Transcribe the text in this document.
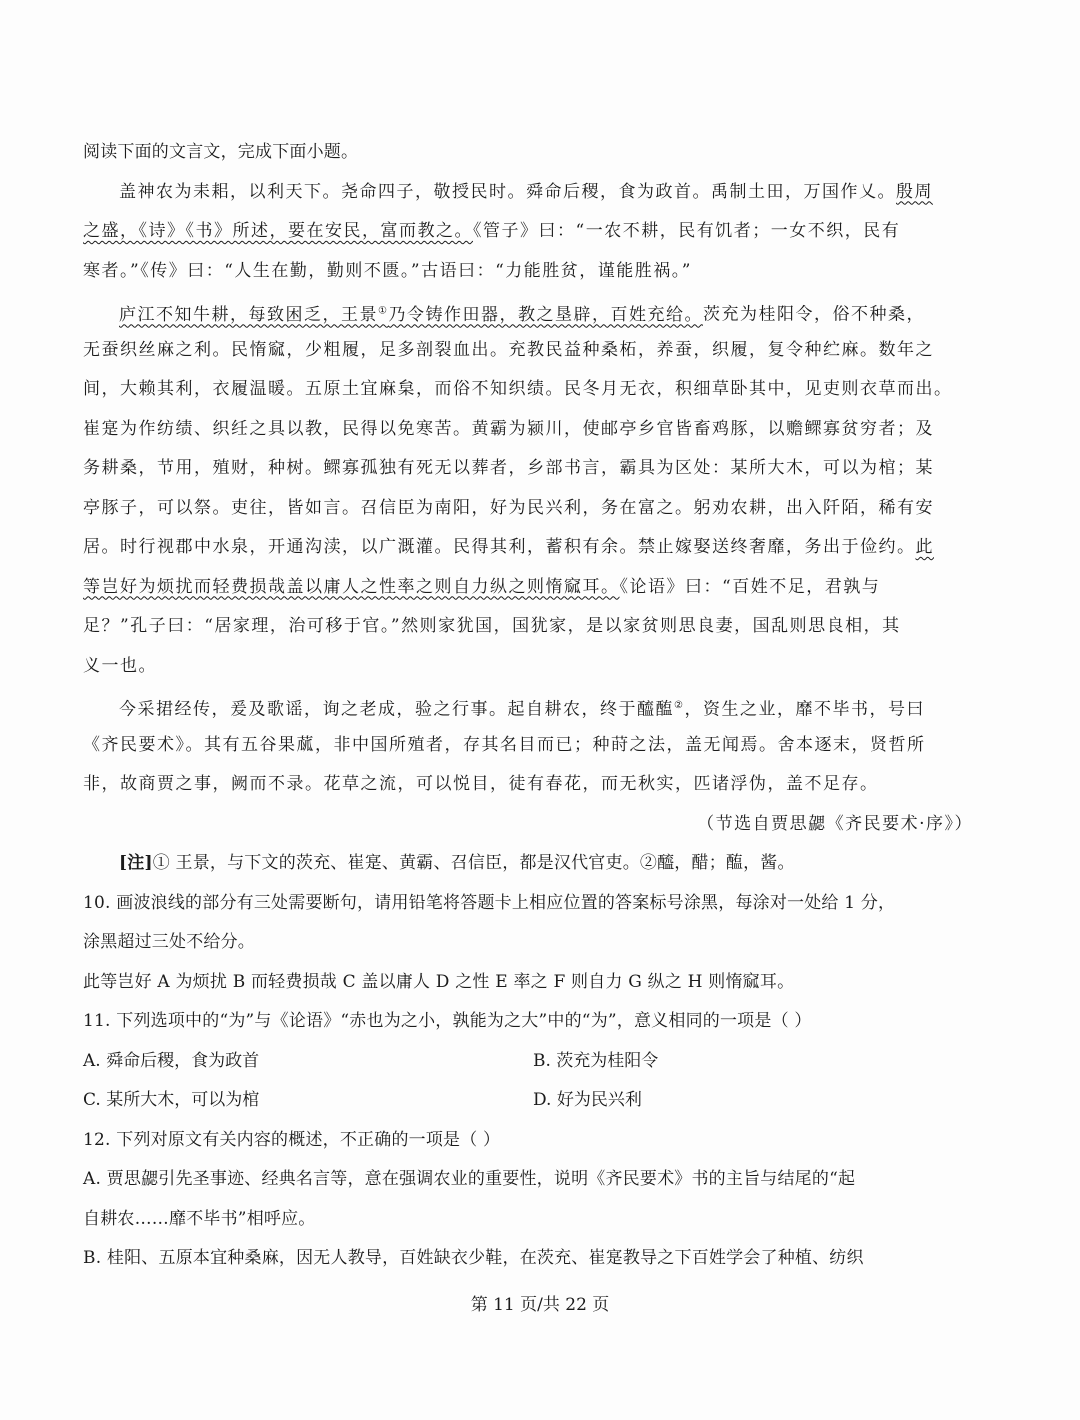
阅读下面的文言文，完成下面小题。
盖神农为耒耜，以利天下。尧命四子，敬授民时。舜命后稷，食为政首。禹制土田，万国作乂。殷周
之盛，《诗》《书》所述，要在安民，富而教之。《管子》曰：“一农不耕，民有饥者；一女不织，民有
寒者。”《传》曰：“人生在勤，勤则不匮。”古语曰：“力能胜贫，谨能胜祸。”
庐江不知牛耕，每致困乏，王景①乃令铸作田器，教之垦辟，百姓充给。茨充为桂阳令，俗不种桑，
无蚕织丝麻之利。民惰窳，少粗履，足多剖裂血出。充教民益种桑柘，养蚕，织履，复令种纻麻。数年之
间，大赖其利，衣履温暖。五原土宜麻枲，而俗不知织绩。民冬月无衣，积细草卧其中，见吏则衣草而出。
崔寔为作纺绩、织纴之具以教，民得以免寒苦。黄霸为颍川，使邮亭乡官皆畜鸡豚，以赡鳏寡贫穷者；及
务耕桑，节用，殖财，种树。鳏寡孤独有死无以葬者，乡部书言，霸具为区处：某所大木，可以为棺；某
亭豚子，可以祭。吏往，皆如言。召信臣为南阳，好为民兴利，务在富之。躬劝农耕，出入阡陌，稀有安
居。时行视郡中水泉，开通沟渎，以广溉灌。民得其利，蓄积有余。禁止嫁娶送终奢靡，务出于俭约。此
等岂好为烦扰而轻费损哉盖以庸人之性率之则自力纵之则惰窳耳。《论语》曰：“百姓不足，君孰与
足？”孔子曰：“居家理，治可移于官。”然则家犹国，国犹家，是以家贫则思良妻，国乱则思良相，其
义一也。
今采捃经传，爰及歌谣，询之老成，验之行事。起自耕农，终于醯醢②，资生之业，靡不毕书，号曰
《齐民要术》。其有五谷果蓏，非中国所殖者，存其名目而已；种莳之法，盖无闻焉。舍本逐末，贤哲所
非，故商贾之事，阙而不录。花草之流，可以悦目，徒有春花，而无秋实，匹诸浮伪，盖不足存。
（节选自贾思勰《齐民要术·序》）
[注]① 王景，与下文的茨充、崔寔、黄霸、召信臣，都是汉代官吏。②醯，醋；醢，酱。
10. 画波浪线的部分有三处需要断句，请用铅笔将答题卡上相应位置的答案标号涂黑，每涂对一处给 1 分，
涂黑超过三处不给分。
此等岂好 A 为烦扰 B 而轻费损哉 C 盖以庸人 D 之性 E 率之 F 则自力 G 纵之 H 则惰窳耳。
11. 下列选项中的“为”与《论语》“赤也为之小，孰能为之大”中的“为”，意义相同的一项是（ ）
A. 舜命后稷，食为政首	B. 茨充为桂阳令
C. 某所大木，可以为棺	D. 好为民兴利
12. 下列对原文有关内容的概述，不正确的一项是（ ）
A. 贾思勰引先圣事迹、经典名言等，意在强调农业的重要性，说明《齐民要术》书的主旨与结尾的“起
自耕农……靡不毕书”相呼应。
B. 桂阳、五原本宜种桑麻，因无人教导，百姓缺衣少鞋，在茨充、崔寔教导之下百姓学会了种植、纺织
第 11 页/共 22 页
